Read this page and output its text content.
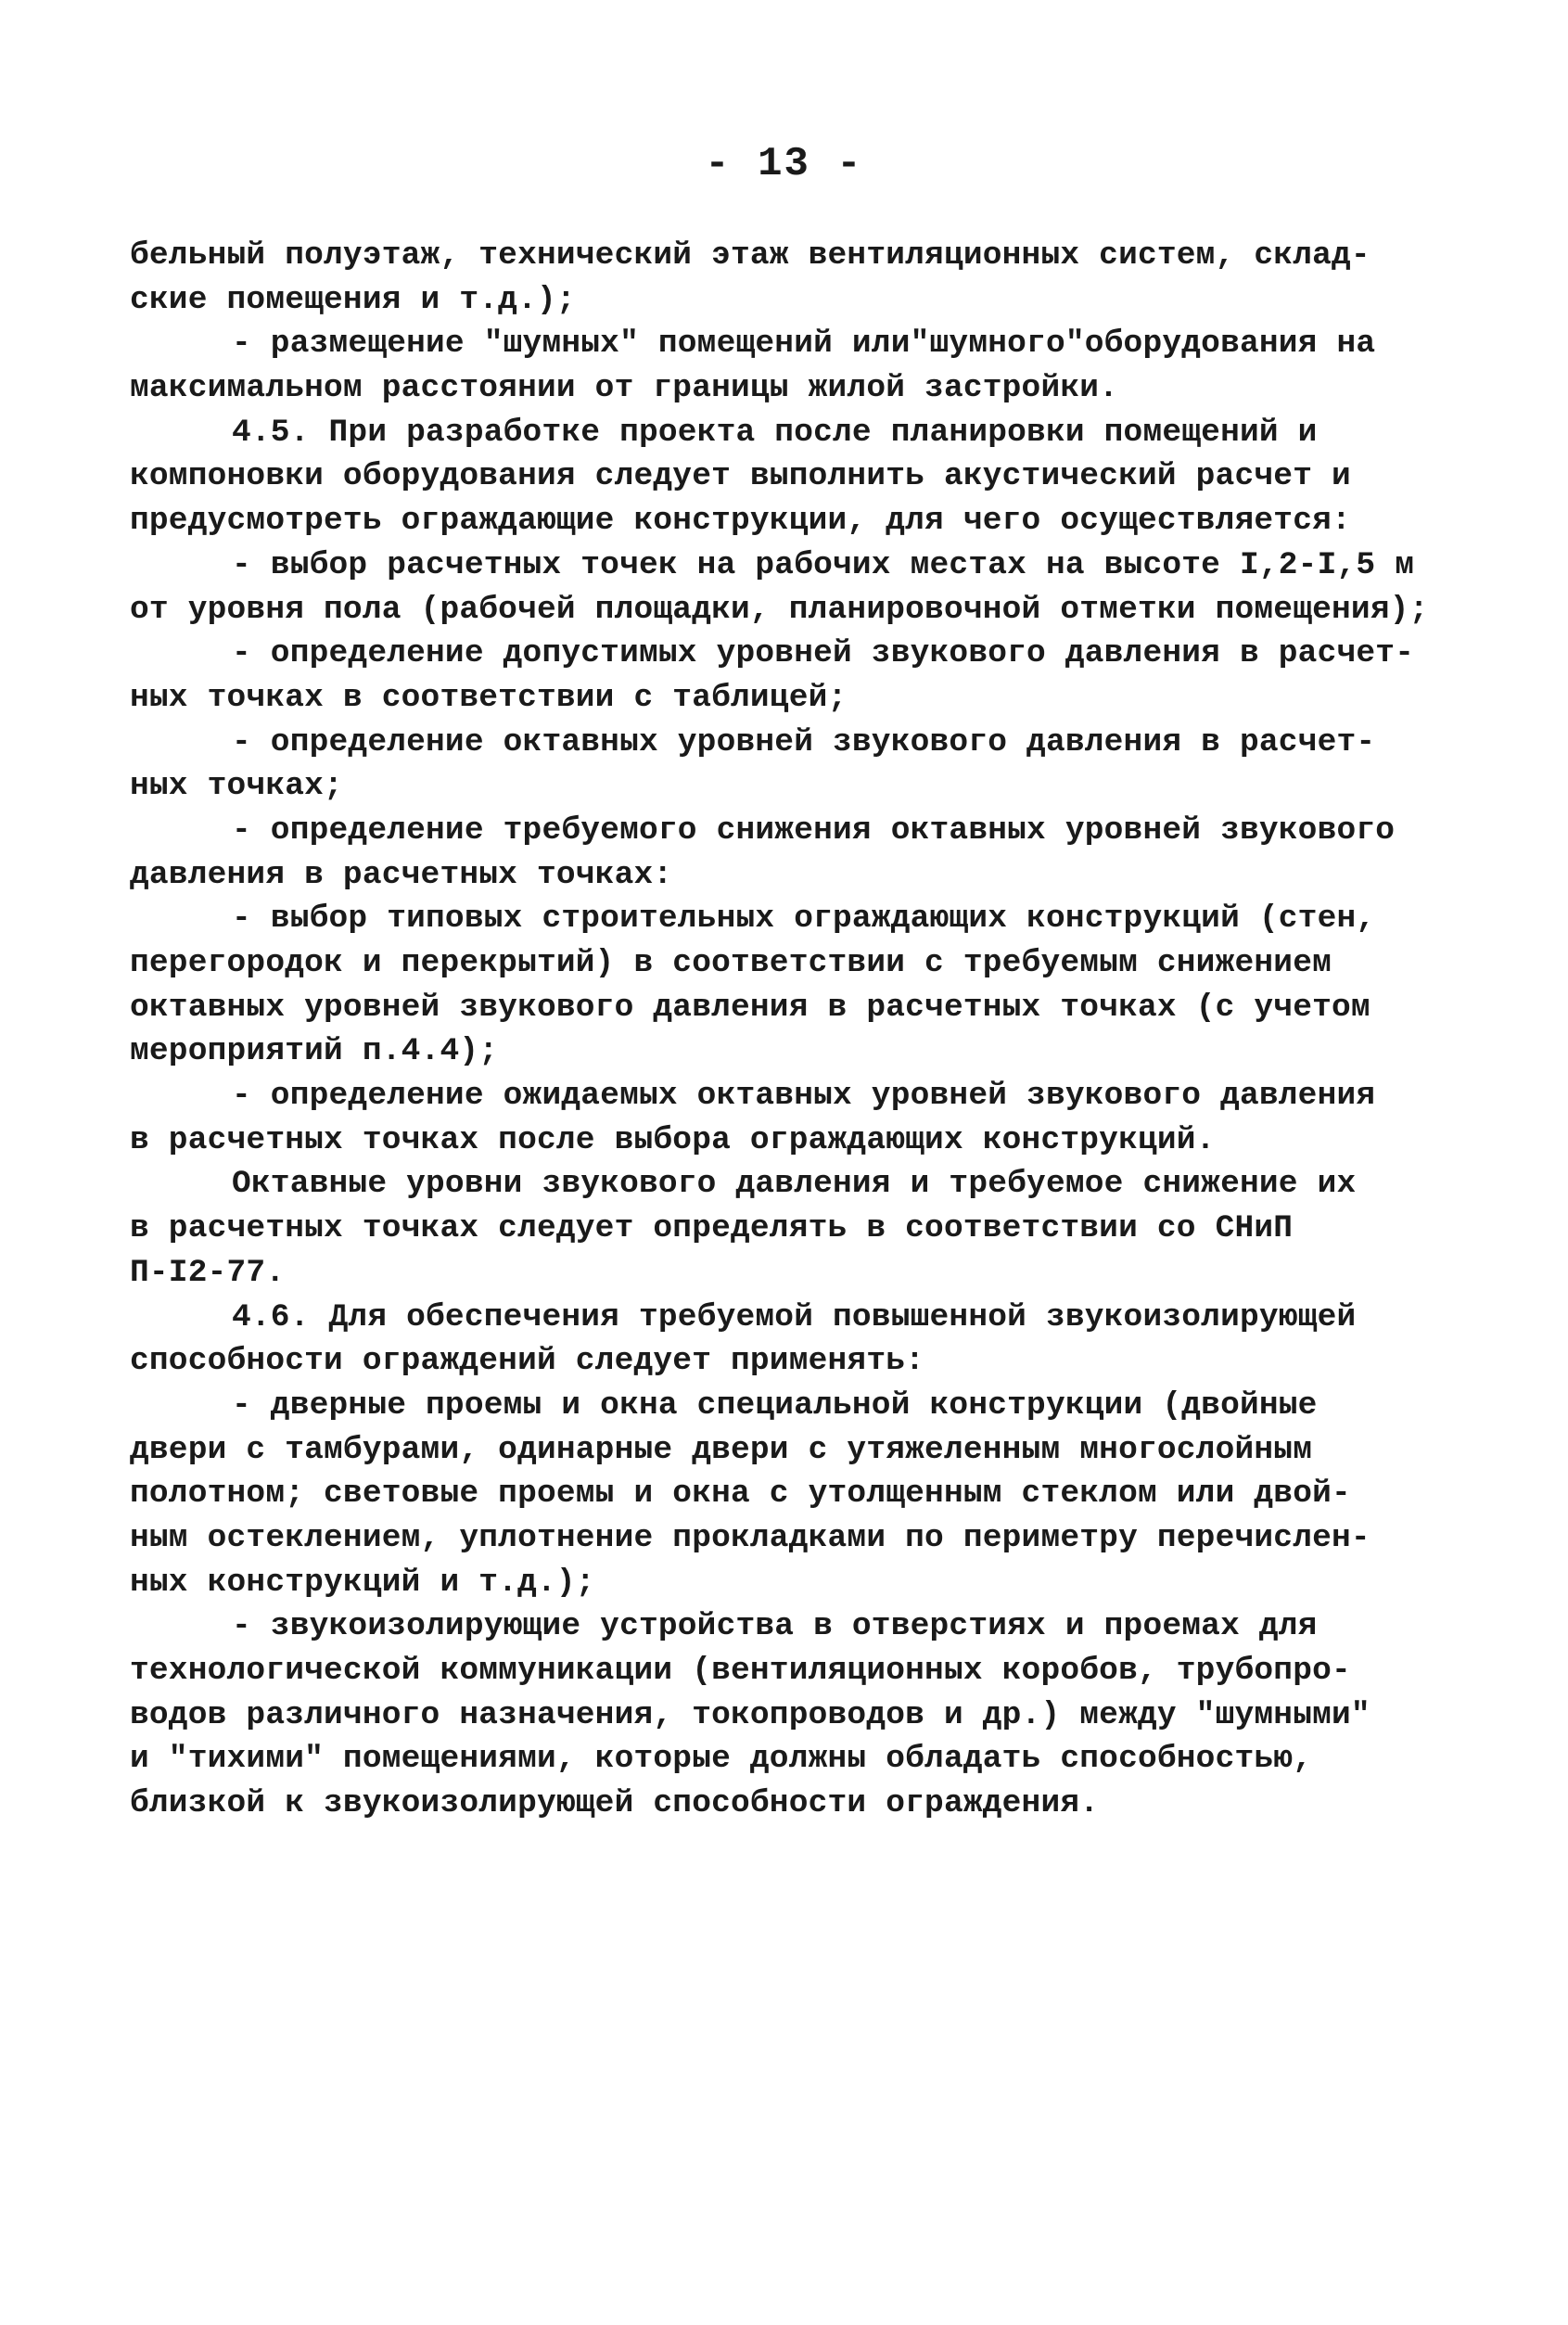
- 13 -
бельный полуэтаж, технический этаж вентиляционных систем, склад-
ские помещения и т.д.);
- размещение "шумных" помещений или"шумного"оборудования на
максимальном расстоянии от границы жилой застройки.
4.5. При разработке проекта после планировки помещений и
компоновки оборудования следует выполнить акустический расчет и
предусмотреть ограждающие конструкции, для чего осуществляется:
- выбор расчетных точек на рабочих местах на высоте I,2-I,5 м
от уровня пола (рабочей площадки, планировочной отметки помещения);
- определение допустимых уровней звукового давления в расчет-
ных точках в соответствии с таблицей;
- определение октавных уровней звукового давления в расчет-
ных точках;
- определение требуемого снижения октавных уровней звукового
давления в расчетных точках:
- выбор типовых строительных ограждающих конструкций (стен,
перегородок и перекрытий) в соответствии с требуемым снижением
октавных уровней звукового давления в расчетных точках (с учетом
мероприятий п.4.4);
- определение ожидаемых октавных уровней звукового давления
в расчетных точках после выбора ограждающих конструкций.
Октавные уровни звукового давления и требуемое снижение их
в расчетных точках следует определять в соответствии со СНиП
П-I2-77.
4.6. Для обеспечения требуемой повышенной звукоизолирующей
способности ограждений следует применять:
- дверные проемы и окна специальной конструкции (двойные
двери с тамбурами, одинарные двери с утяжеленным многослойным
полотном; световые проемы и окна с утолщенным стеклом или двой-
ным остеклением, уплотнение прокладками по периметру перечислен-
ных конструкций и т.д.);
- звукоизолирующие устройства в отверстиях и проемах для
технологической коммуникации (вентиляционных коробов, трубопро-
водов различного назначения, токопроводов и др.) между "шумными"
и "тихими" помещениями, которые должны обладать способностью,
близкой к звукоизолирующей способности ограждения.
